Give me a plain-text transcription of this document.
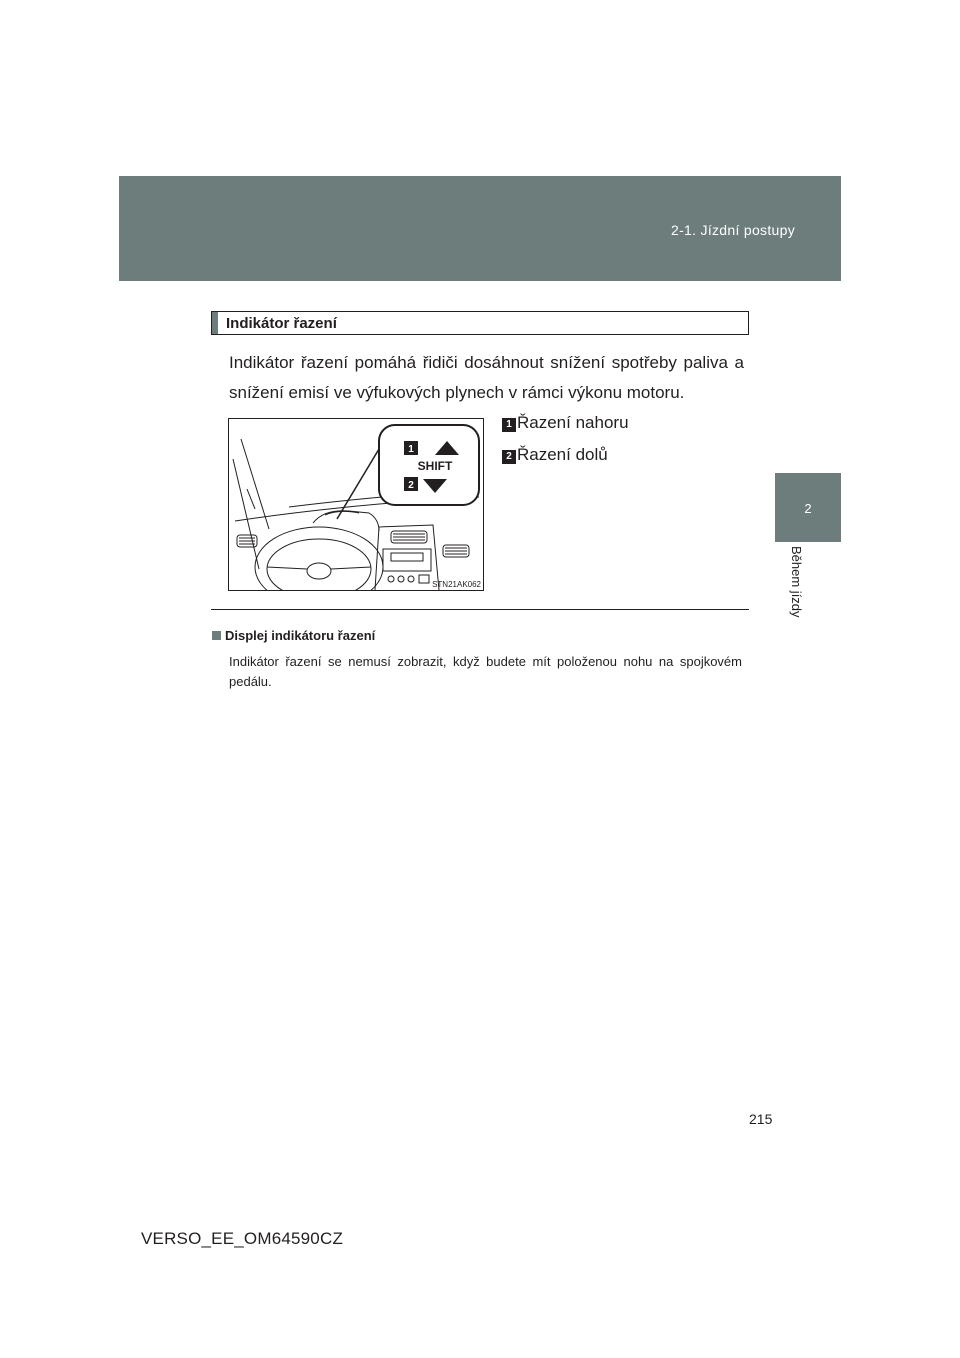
2-1. Jízdní postupy
2
Během jízdy
Indikátor řazení

Indikátor řazení pomáhá řidiči dosáhnout snížení spotřeby paliva a snížení emisí ve výfukových plynech v rámci výkonu motoru.

1
2
SHIFT
STN21AK062
1 Řazení nahoru
2 Řazení dolů
Displej indikátoru řazení

Indikátor řazení se nemusí zobrazit, když budete mít položenou nohu na spojkovém pedálu.

215
VERSO_EE_OM64590CZ
